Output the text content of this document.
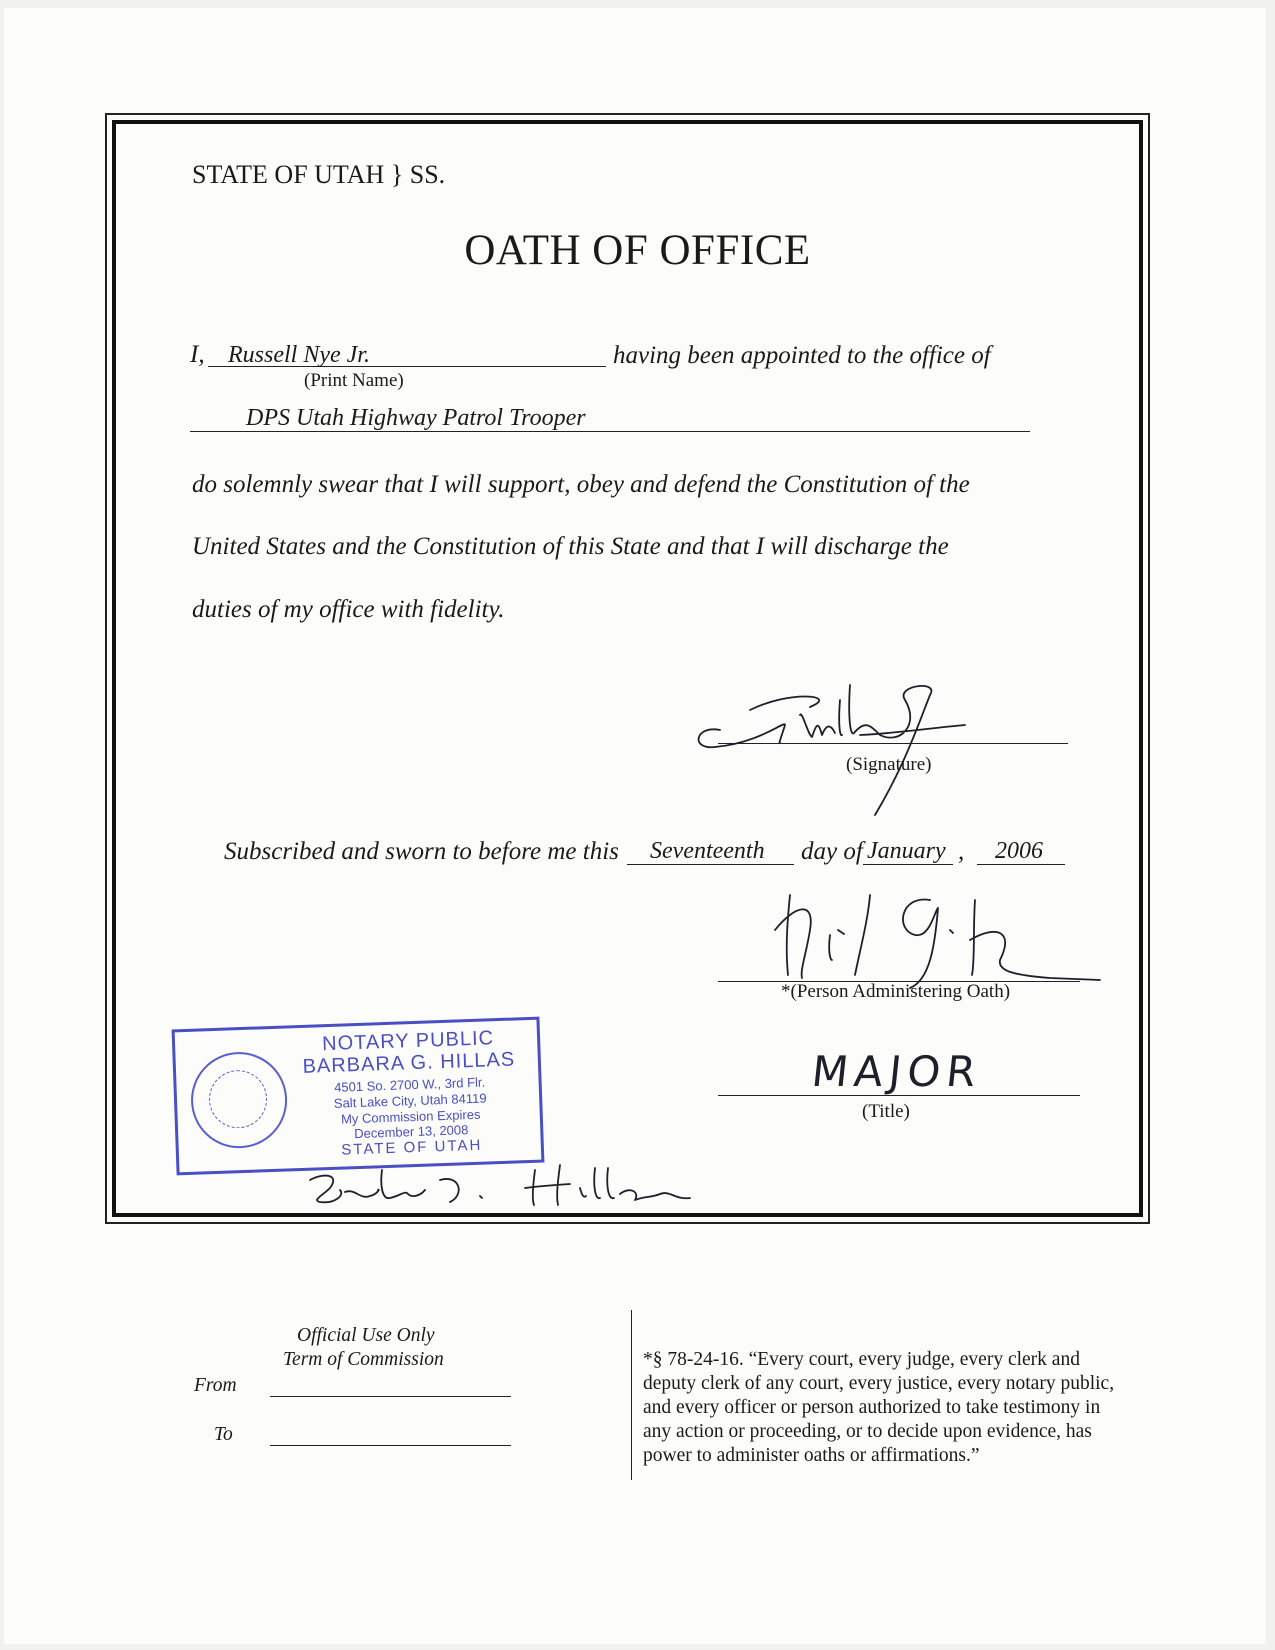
STATE OF UTAH } SS.
OATH OF OFFICE
I, Russell Nye Jr.	having been appointed to the office of
(Print Name)
DPS Utah Highway Patrol Trooper
do solemnly swear that I will support, obey and defend the Constitution of the
United States and the Constitution of this State and that I will discharge the
duties of my office with fidelity.
(Signature)
Subscribed and sworn to before me this Seventeenth day of January , 2006
*(Person Administering Oath)
MAJOR
(Title)
NOTARY PUBLIC
BARBARA G. HILLAS
4501 So. 2700 W., 3rd Flr.
Salt Lake City, Utah 84119
My Commission Expires
December 13, 2008
STATE OF UTAH
Official Use Only
Term of Commission
From
To
*§ 78-24-16. “Every court, every judge, every clerk and deputy clerk of any court, every justice, every notary public, and every officer or person authorized to take testimony in any action or proceeding, or to decide upon evidence, has power to administer oaths or affirmations.”
